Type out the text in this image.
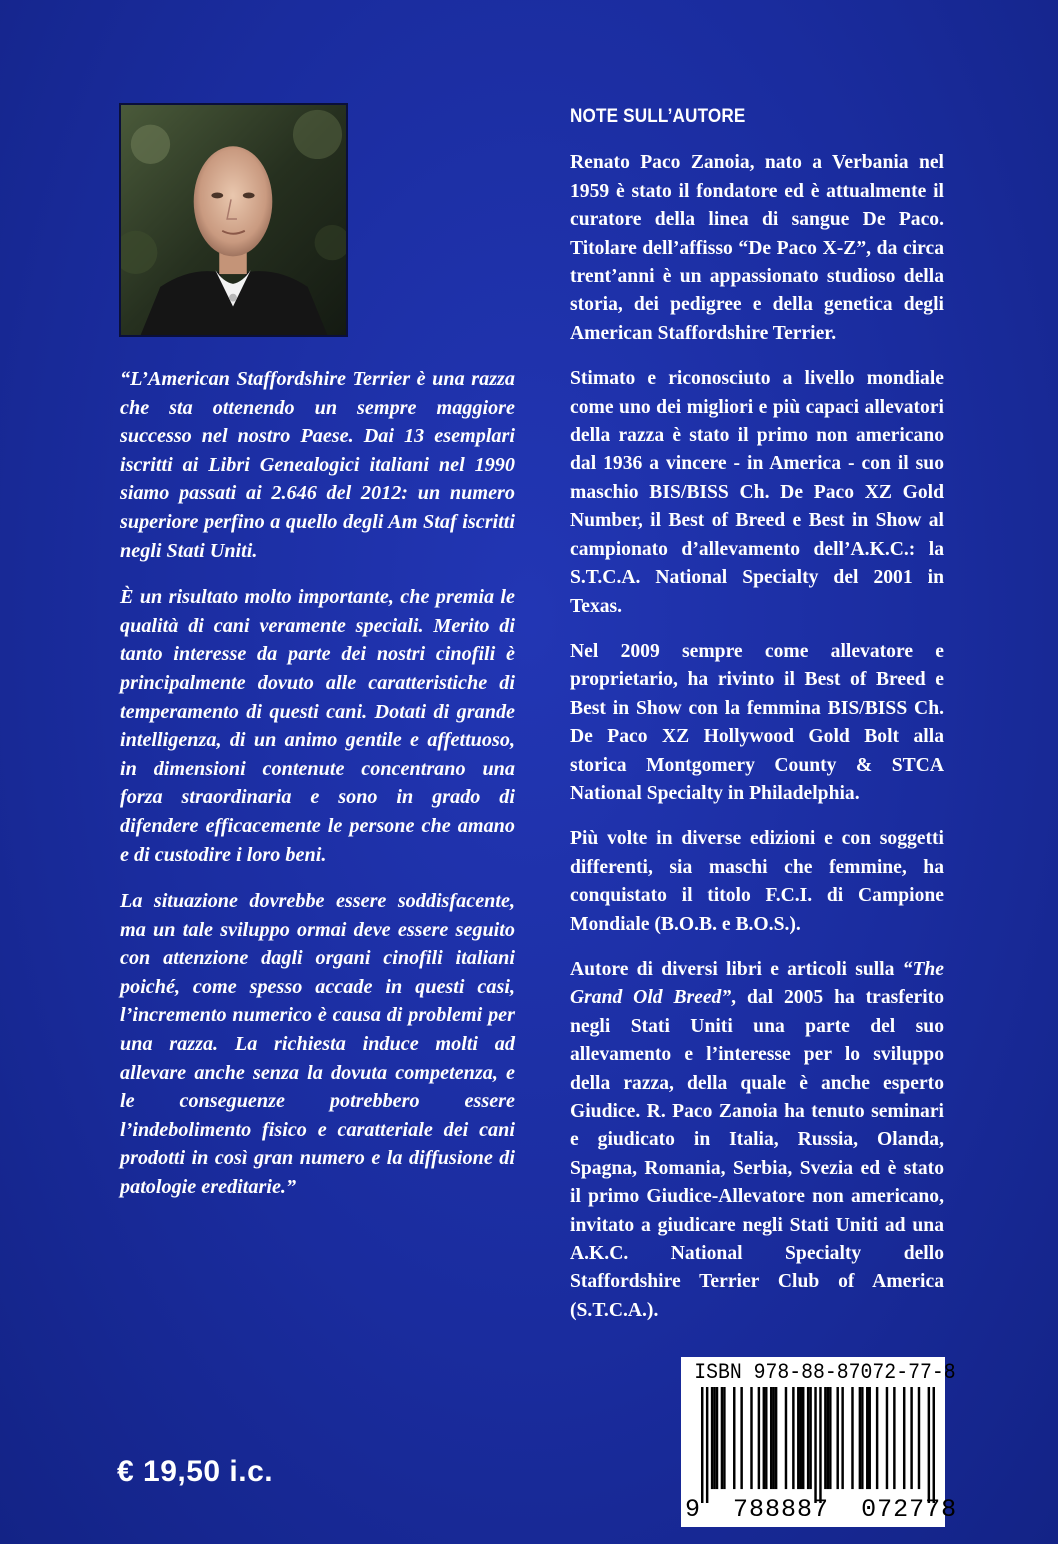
“L’American Staffordshire Terrier è una razza che sta ottenendo un sempre maggiore successo nel nostro Paese. Dai 13 esemplari iscritti ai Libri Genealogici italiani nel 1990 siamo passati ai 2.646 del 2012: un numero superiore perfino a quello degli Am Staf iscritti negli Stati Uniti.

È un risultato molto importante, che premia le qualità di cani veramente speciali. Merito di tanto interesse da parte dei nostri cinofili è principalmente dovuto alle caratteristiche di temperamento di questi cani. Dotati di grande intelligenza, di un animo gentile e affettuoso, in dimensioni contenute concentrano una forza straordinaria e sono in grado di difendere efficacemente le persone che amano e di custodire i loro beni.

La situazione dovrebbe essere soddisfacente, ma un tale sviluppo ormai deve essere seguito con attenzione dagli organi cinofili italiani poiché, come spesso accade in questi casi, l’incremento numerico è causa di problemi per una razza. La richiesta induce molti ad allevare anche senza la dovuta competenza, e le conseguenze potrebbero essere l’indebolimento fisico e caratteriale dei cani prodotti in così gran numero e la diffusione di patologie ereditarie.”

NOTE SULL’AUTORE

Renato Paco Zanoia, nato a Verbania nel 1959 è stato il fondatore ed è attualmente il curatore della linea di sangue De Paco. Titolare dell’affisso “De Paco X-Z”, da circa trent’anni è un appassionato studioso della storia, dei pedigree e della genetica degli American Staffordshire Terrier.

Stimato e riconosciuto a livello mondiale come uno dei migliori e più capaci allevatori della razza è stato il primo non americano dal 1936 a vincere - in America - con il suo maschio BIS/BISS Ch. De Paco XZ Gold Number, il Best of Breed e Best in Show al campionato d’allevamento dell’A.K.C.: la S.T.C.A. National Specialty del 2001 in Texas.

Nel 2009 sempre come allevatore e proprietario, ha rivinto il Best of Breed e Best in Show con la femmina BIS/BISS Ch. De Paco XZ Hollywood Gold Bolt alla storica Montgomery County & STCA National Specialty in Philadelphia.

Più volte in diverse edizioni e con soggetti differenti, sia maschi che femmine, ha conquistato il titolo F.C.I. di Campione Mondiale (B.O.B. e B.O.S.).

Autore di diversi libri e articoli sulla “The Grand Old Breed”, dal 2005 ha trasferito negli Stati Uniti una parte del suo allevamento e l’interesse per lo sviluppo della razza, della quale è anche esperto Giudice. R. Paco Zanoia ha tenuto seminari e giudicato in Italia, Russia, Olanda, Spagna, Romania, Serbia, Svezia ed è stato il primo Giudice-Allevatore non americano, invitato a giudicare negli Stati Uniti ad una A.K.C. National Specialty dello Staffordshire Terrier Club of America (S.T.C.A.).

€ 19,50 i.c.
ISBN 978-88-87072-77-8
9 788887 072778
